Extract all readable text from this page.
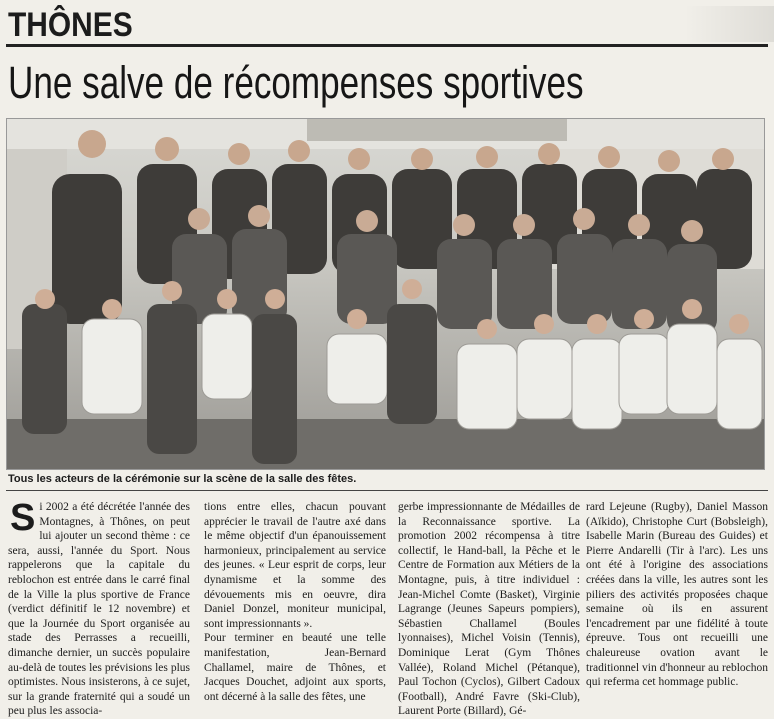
THÔNES
Une salve de récompenses sportives
Tous les acteurs de la cérémonie sur la scène de la salle des fêtes.
Si 2002 a été décrétée l'année des Montagnes, à Thônes, on peut lui ajouter un second thème : ce sera, aussi, l'année du Sport. Nous rappelerons que la capitale du reblochon est entrée dans le carré final de la Ville la plus sportive de France (verdict définitif le 12 novembre) et que la Journée du Sport organisée au stade des Perrasses a recueilli, dimanche dernier, un succès populaire au-delà de toutes les prévisions les plus optimistes. Nous insisterons, à ce sujet, sur la grande fraternité qui a soudé un peu plus les associa-
tions entre elles, chacun pouvant apprécier le travail de l'autre axé dans le même objectif d'un épanouissement harmonieux, principalement au service des jeunes. « Leur esprit de corps, leur dynamisme et la somme des dévouements mis en oeuvre, dira Daniel Donzel, moniteur municipal, sont impressionnants ».
Pour terminer en beauté une telle manifestation, Jean-Bernard Challamel, maire de Thônes, et Jacques Douchet, adjoint aux sports, ont décerné à la salle des fêtes, une
gerbe impressionnante de Médailles de la Reconnaissance sportive. La promotion 2002 récompensa à titre collectif, le Hand-ball, la Pêche et le Centre de Formation aux Métiers de la Montagne, puis, à titre individuel : Jean-Michel Comte (Basket), Virginie Lagrange (Jeunes Sapeurs pompiers), Sébastien Challamel (Boules lyonnaises), Michel Voisin (Tennis), Dominique Lerat (Gym Thônes Vallée), Roland Michel (Pétanque), Paul Tochon (Cyclos), Gilbert Cadoux (Football), André Favre (Ski-Club), Laurent Porte (Billard), Gé-
rard Lejeune (Rugby), Daniel Masson (Aïkido), Christophe Curt (Bobsleigh), Isabelle Marin (Bureau des Guides) et Pierre Andarelli (Tir à l'arc). Les uns ont été à l'origine des associations créées dans la ville, les autres sont les piliers des activités proposées chaque semaine où ils en assurent l'encadrement par une fidélité à toute épreuve. Tous ont recueilli une chaleureuse ovation avant le traditionnel vin d'honneur au reblochon qui referma cet hommage public.
